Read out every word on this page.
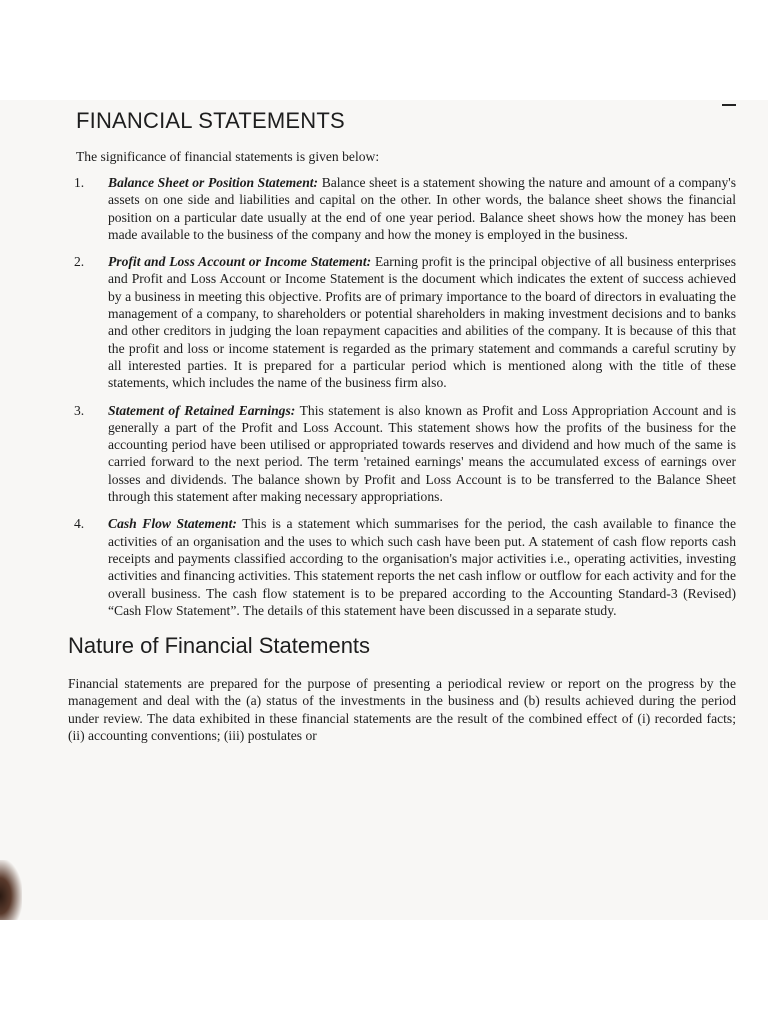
FINANCIAL STATEMENTS

The significance of financial statements is given below:

1. Balance Sheet or Position Statement: Balance sheet is a statement showing the nature and amount of a company's assets on one side and liabilities and capital on the other. In other words, the balance sheet shows the financial position on a particular date usually at the end of one year period. Balance sheet shows how the money has been made available to the business of the company and how the money is employed in the business.
2. Profit and Loss Account or Income Statement: Earning profit is the principal objective of all business enterprises and Profit and Loss Account or Income Statement is the document which indicates the extent of success achieved by a business in meeting this objective. Profits are of primary importance to the board of directors in evaluating the management of a company, to shareholders or potential shareholders in making investment decisions and to banks and other creditors in judging the loan repayment capacities and abilities of the company. It is because of this that the profit and loss or income statement is regarded as the primary statement and commands a careful scrutiny by all interested parties. It is prepared for a particular period which is mentioned along with the title of these statements, which includes the name of the business firm also.
3. Statement of Retained Earnings: This statement is also known as Profit and Loss Appropriation Account and is generally a part of the Profit and Loss Account. This statement shows how the profits of the business for the accounting period have been utilised or appropriated towards reserves and dividend and how much of the same is carried forward to the next period. The term 'retained earnings' means the accumulated excess of earnings over losses and dividends. The balance shown by Profit and Loss Account is to be transferred to the Balance Sheet through this statement after making necessary appropriations.
4. Cash Flow Statement: This is a statement which summarises for the period, the cash available to finance the activities of an organisation and the uses to which such cash have been put. A statement of cash flow reports cash receipts and payments classified according to the organisation's major activities i.e., operating activities, investing activities and financing activities. This statement reports the net cash inflow or outflow for each activity and for the overall business. The cash flow statement is to be prepared according to the Accounting Standard-3 (Revised) “Cash Flow Statement”. The details of this statement have been discussed in a separate study.
Nature of Financial Statements

Financial statements are prepared for the purpose of presenting a periodical review or report on the progress by the management and deal with the (a) status of the investments in the business and (b) results achieved during the period under review. The data exhibited in these financial statements are the result of the combined effect of (i) recorded facts; (ii) accounting conventions; (iii) postulates or
